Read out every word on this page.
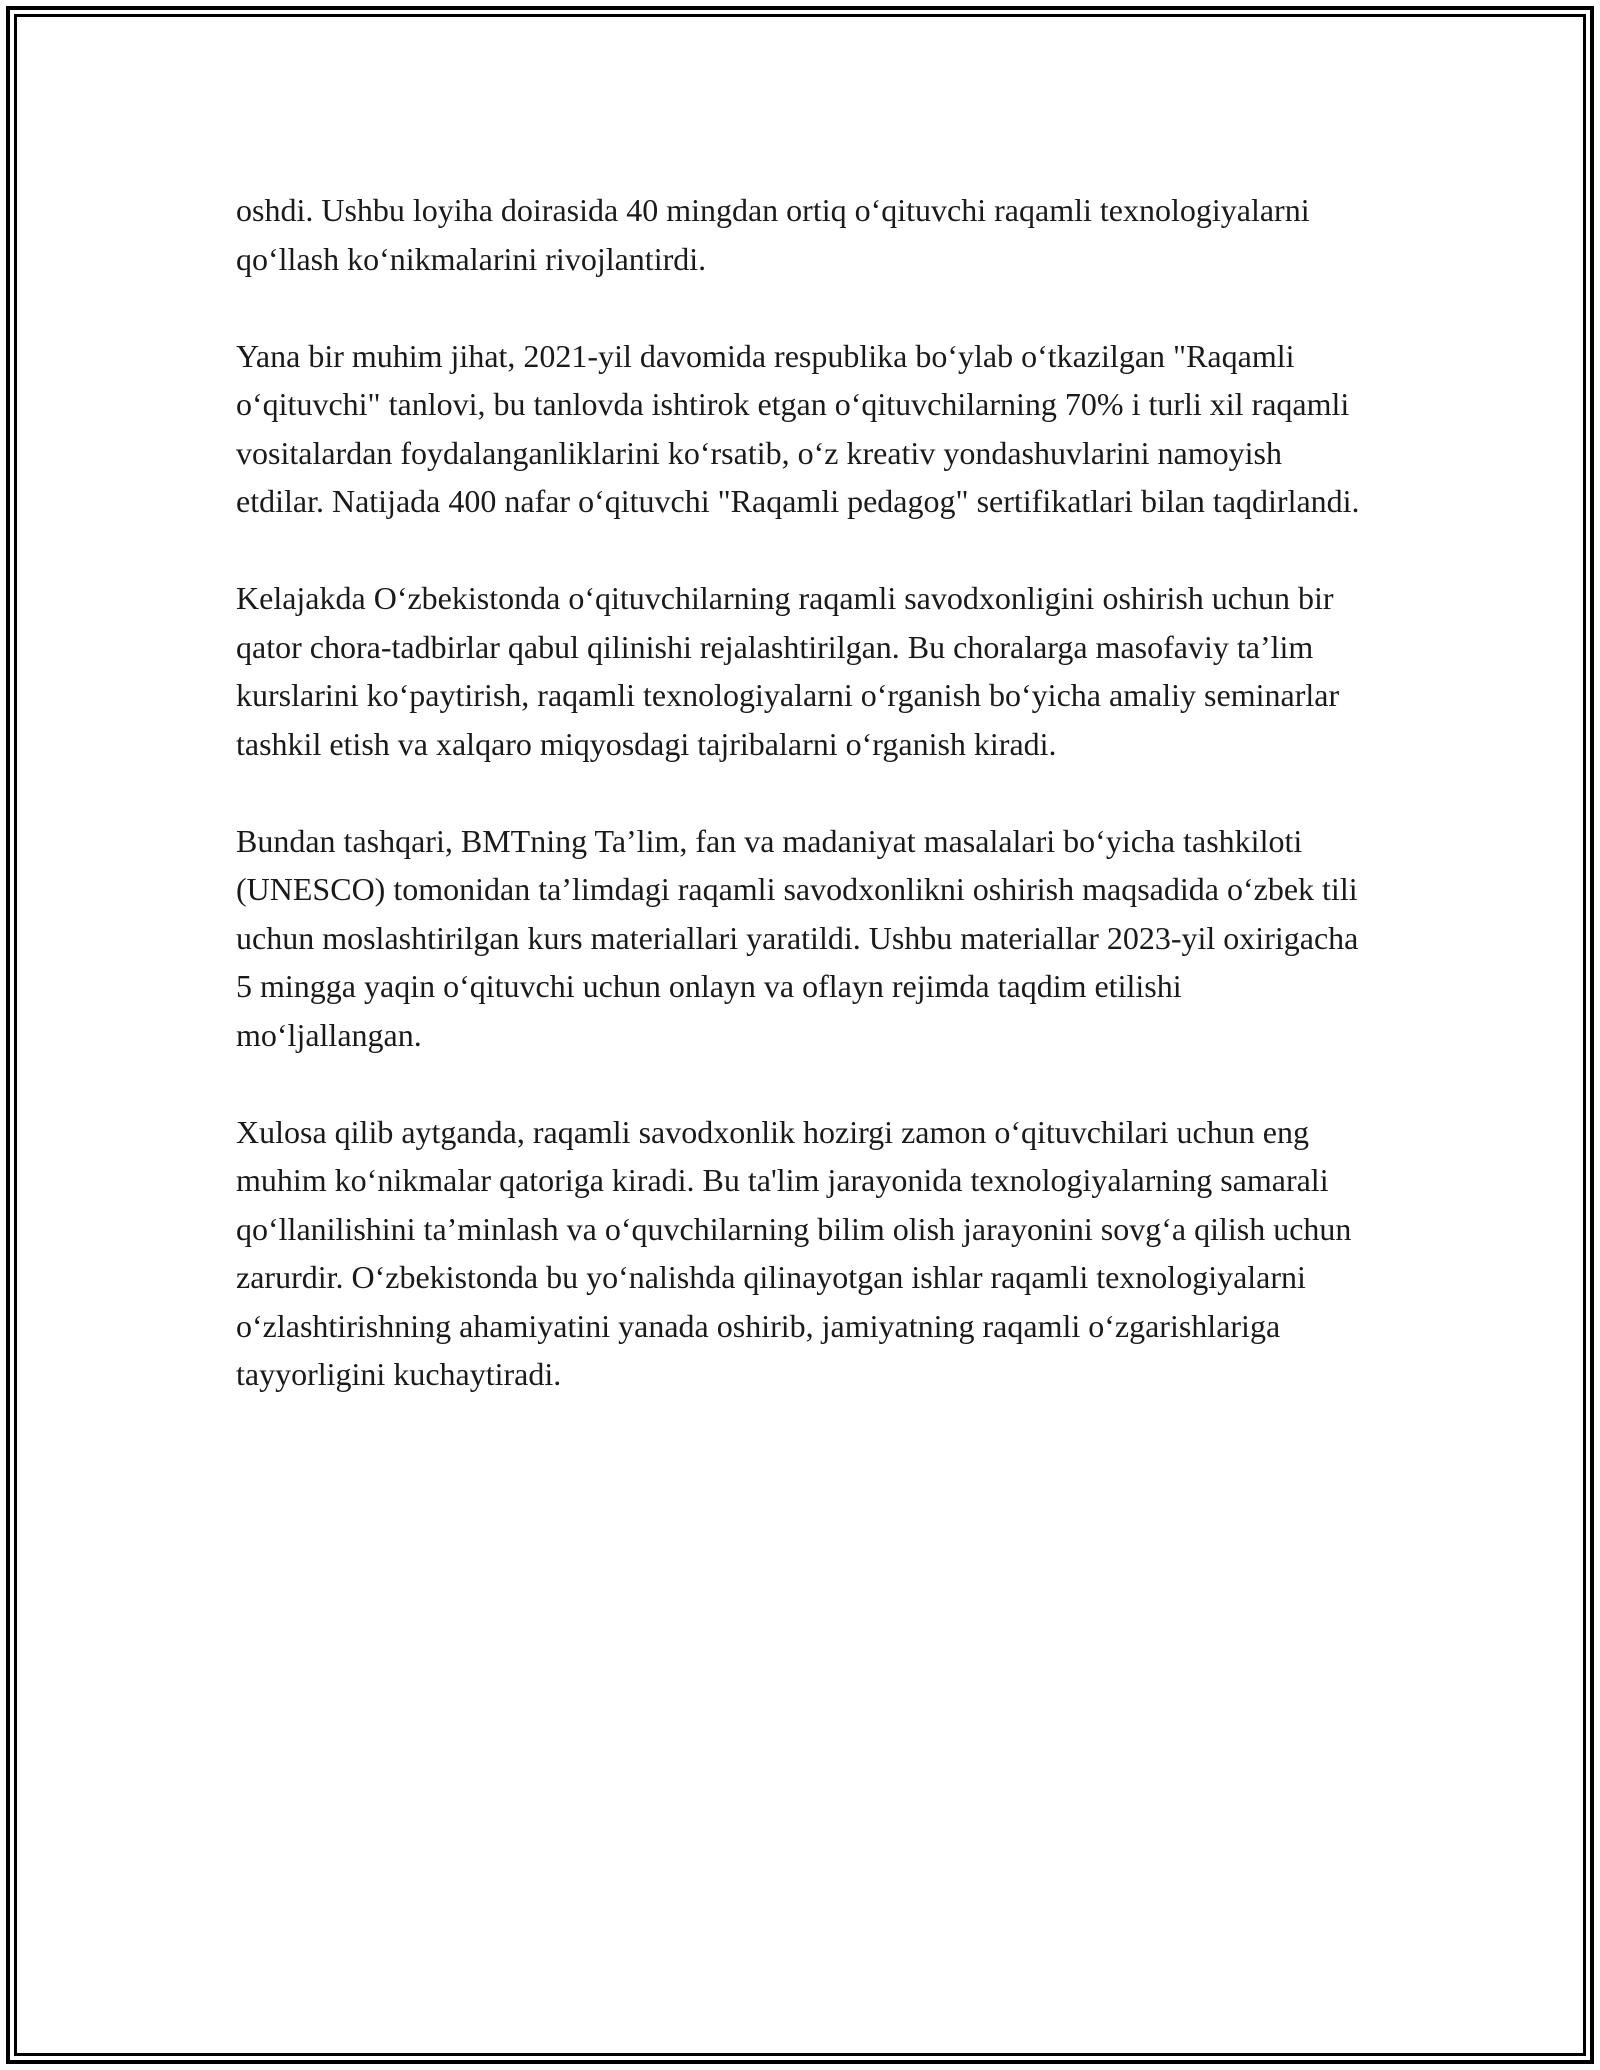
oshdi. Ushbu loyiha doirasida 40 mingdan ortiq o‘qituvchi raqamli texnologiyalarni qo‘llash ko‘nikmalarini rivojlantirdi.

Yana bir muhim jihat, 2021-yil davomida respublika bo‘ylab o‘tkazilgan "Raqamli o‘qituvchi" tanlovi, bu tanlovda ishtirok etgan o‘qituvchilarning 70% i turli xil raqamli vositalardan foydalanganliklarini ko‘rsatib, o‘z kreativ yondashuvlarini namoyish etdilar. Natijada 400 nafar o‘qituvchi "Raqamli pedagog" sertifikatlari bilan taqdirlandi.

Kelajakda O‘zbekistonda o‘qituvchilarning raqamli savodxonligini oshirish uchun bir qator chora-tadbirlar qabul qilinishi rejalashtirilgan. Bu choralarga masofaviy ta’lim kurslarini ko‘paytirish, raqamli texnologiyalarni o‘rganish bo‘yicha amaliy seminarlar tashkil etish va xalqaro miqyosdagi tajribalarni o‘rganish kiradi.

Bundan tashqari, BMTning Ta’lim, fan va madaniyat masalalari bo‘yicha tashkiloti (UNESCO) tomonidan ta’limdagi raqamli savodxonlikni oshirish maqsadida o‘zbek tili uchun moslashtirilgan kurs materiallari yaratildi. Ushbu materiallar 2023-yil oxirigacha 5 mingga yaqin o‘qituvchi uchun onlayn va oflayn rejimda taqdim etilishi mo‘ljallangan.

Xulosa qilib aytganda, raqamli savodxonlik hozirgi zamon o‘qituvchilari uchun eng muhim ko‘nikmalar qatoriga kiradi. Bu ta'lim jarayonida texnologiyalarning samarali qo‘llanilishini ta’minlash va o‘quvchilarning bilim olish jarayonini sovg‘a qilish uchun zarurdir. O‘zbekistonda bu yo‘nalishda qilinayotgan ishlar raqamli texnologiyalarni o‘zlashtirishning ahamiyatini yanada oshirib, jamiyatning raqamli o‘zgarishlariga tayyorligini kuchaytiradi.
